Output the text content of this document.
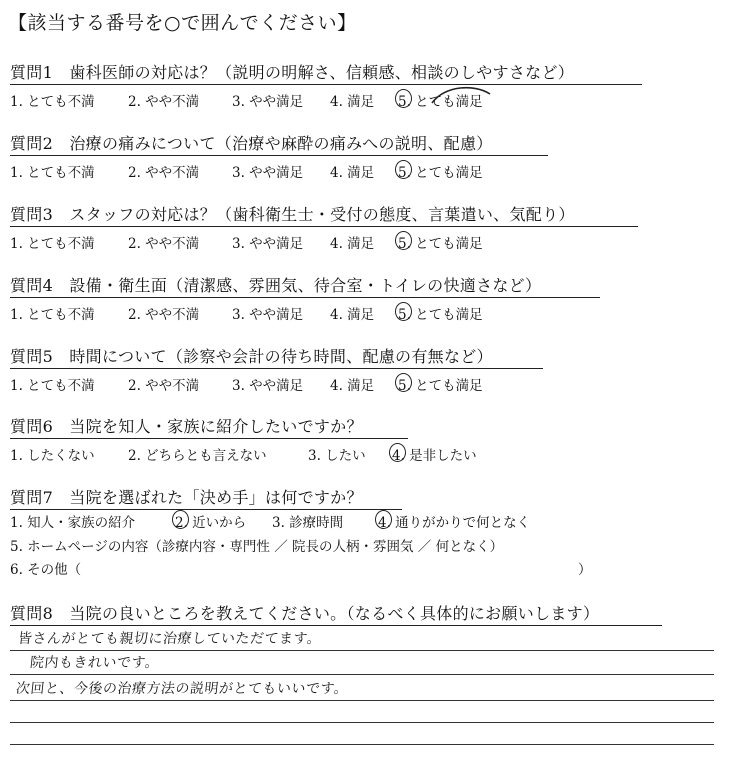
【該当する番号を○で囲んでください】
質問1　歯科医師の対応は？（説明の明解さ、信頼感、相談のしやすさなど）
1. とても不満 2. やや不満 3. やや満足 4. 満足 5. とても満足
質問2　治療の痛みについて（治療や麻酔の痛みへの説明、配慮）
1. とても不満 2. やや不満 3. やや満足 4. 満足 5. とても満足
質問3　スタッフの対応は？（歯科衛生士・受付の態度、言葉遣い、気配り）
1. とても不満 2. やや不満 3. やや満足 4. 満足 5. とても満足
質問4　設備・衛生面（清潔感、雰囲気、待合室・トイレの快適さなど）
1. とても不満 2. やや不満 3. やや満足 4. 満足 5. とても満足
質問5　時間について（診察や会計の待ち時間、配慮の有無など）
1. とても不満 2. やや不満 3. やや満足 4. 満足 5. とても満足
質問6　当院を知人・家族に紹介したいですか？
1. したくない 2. どちらとも言えない	3. したい 4. 是非したい
質問7　当院を選ばれた「決め手」は何ですか？
1. 知人・家族の紹介	2. 近いから 3. 診療時間	4. 通りがかりで何となく
5. ホームページの内容（診療内容・専門性 ／ 院長の人柄・雰囲気 ／ 何となく）
6. その他（	）
質問8　当院の良いところを教えてください。（なるべく具体的にお願いします）
皆さんがとても親切に治療していただてます。
院内もきれいです。
次回と、今後の治療方法の説明がとてもいいです。
